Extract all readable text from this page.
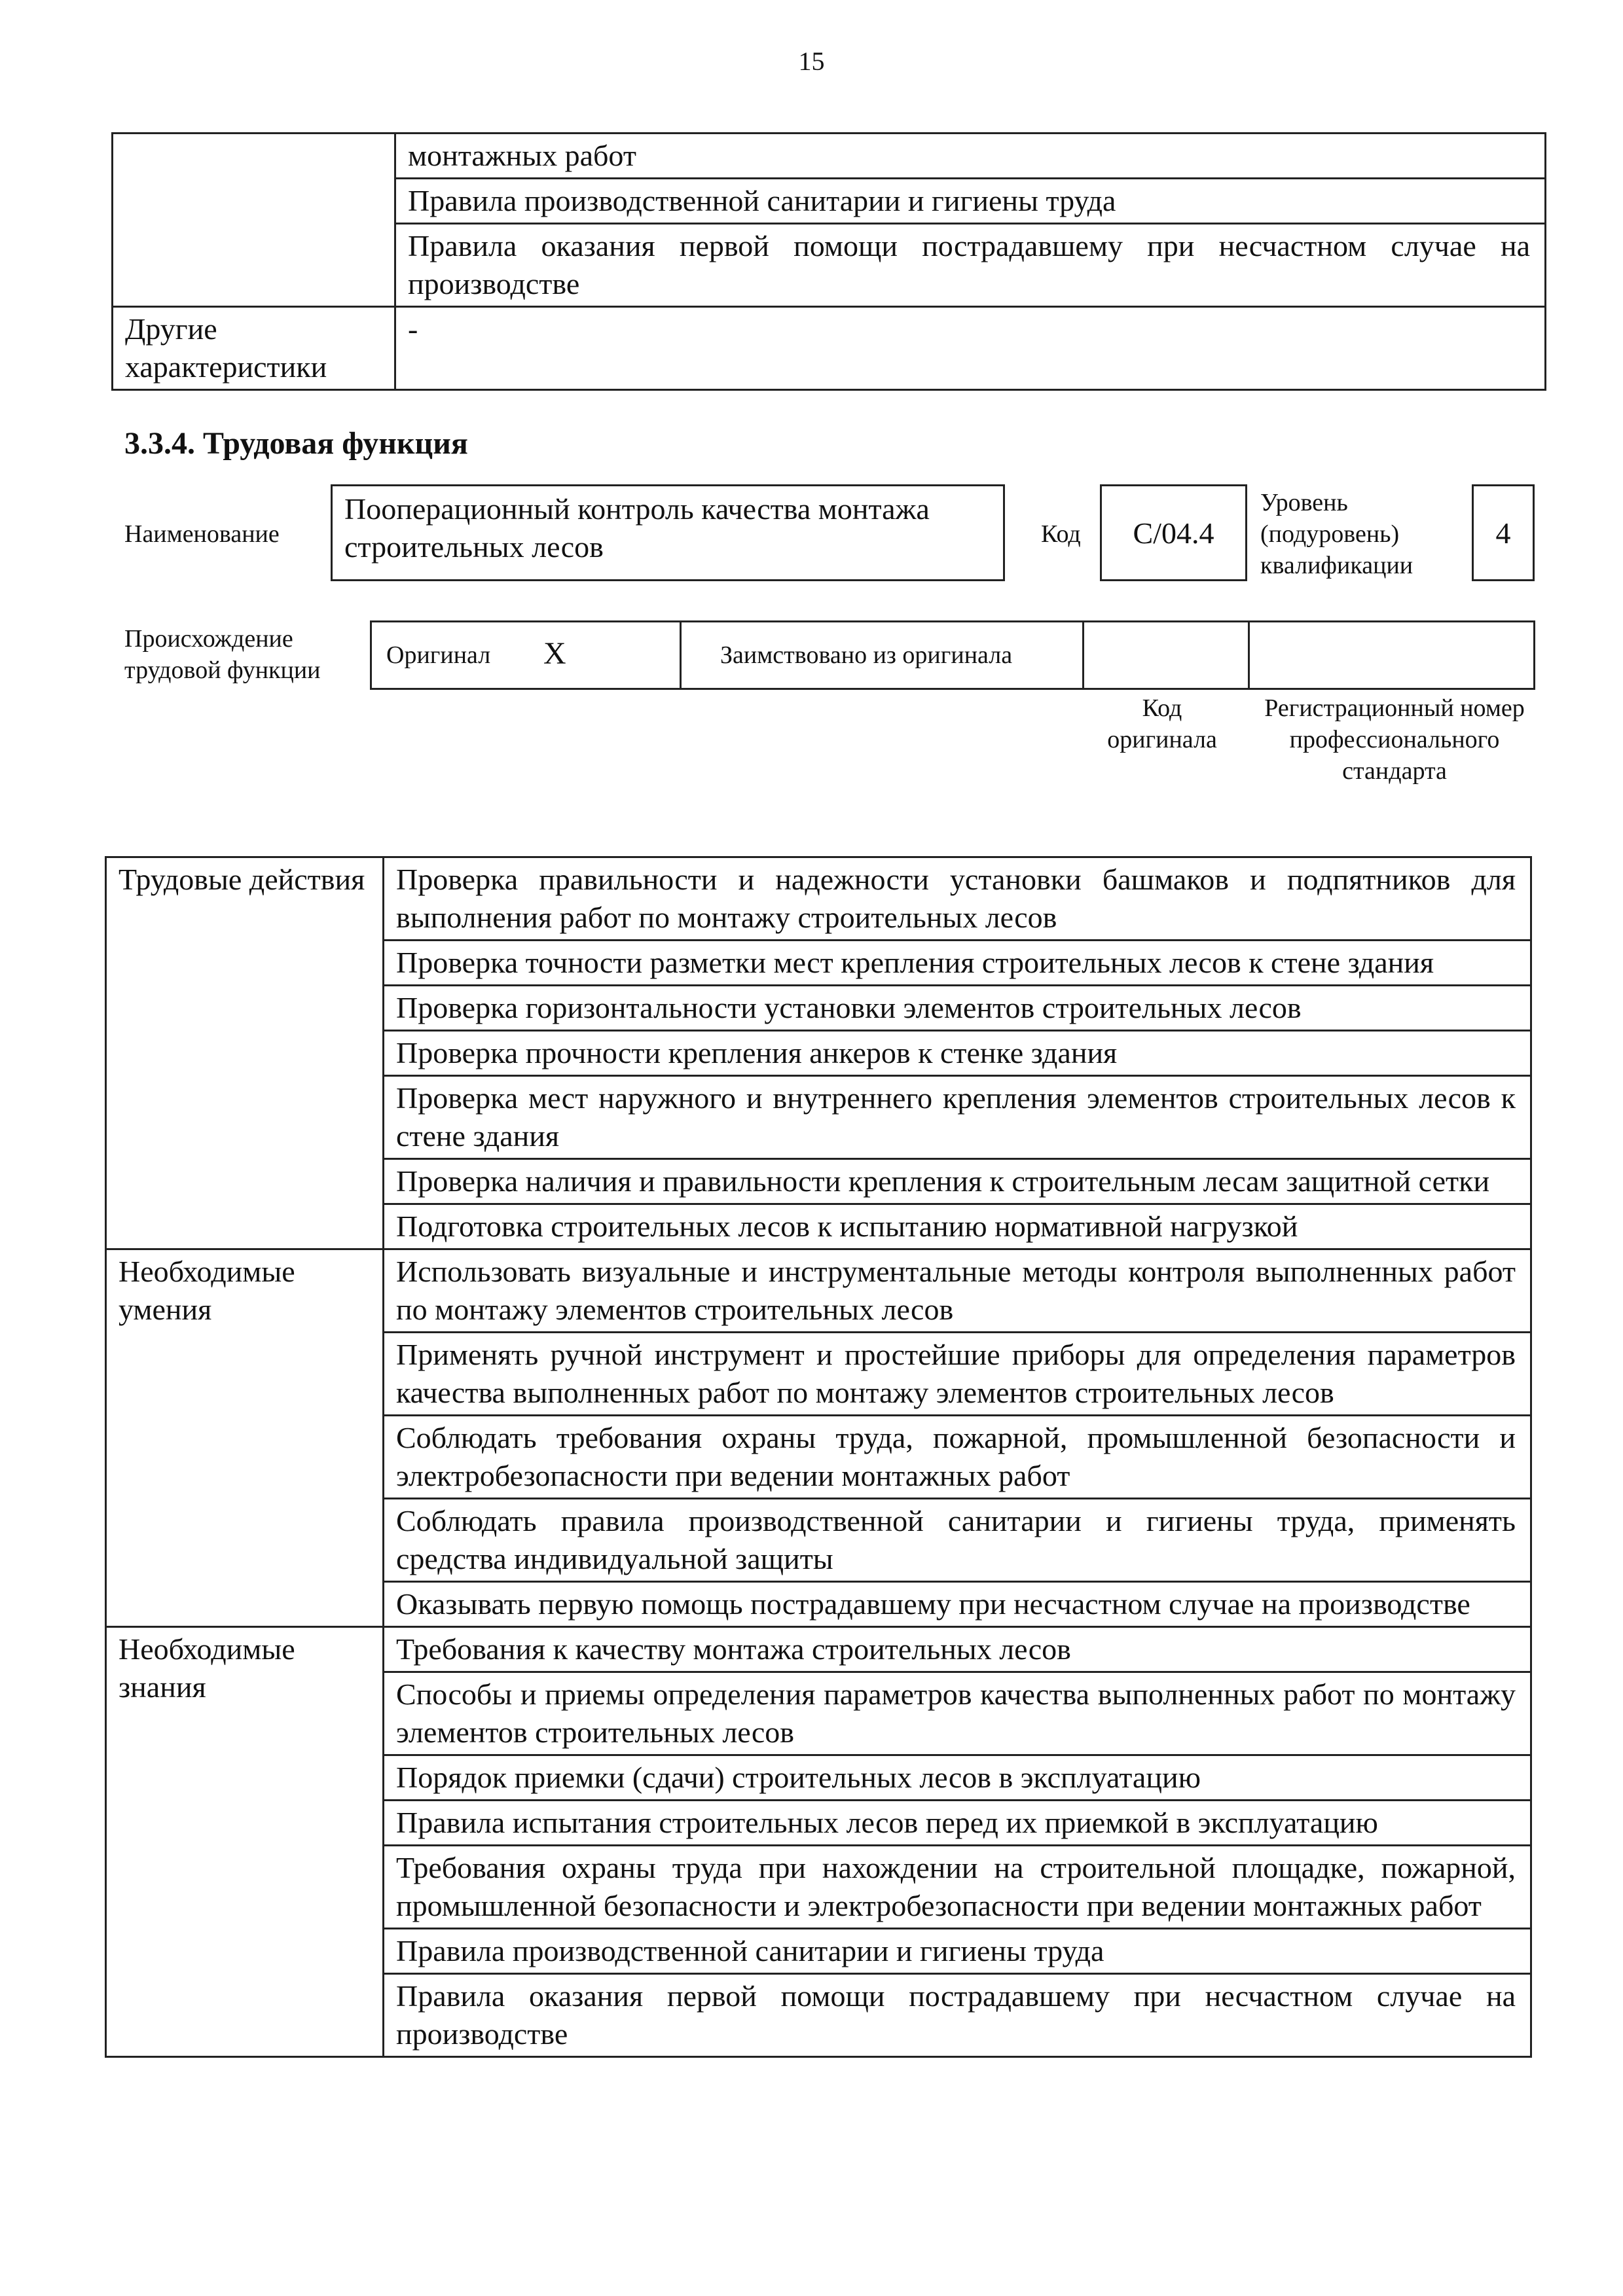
15
	монтажных работ
	Правила производственной санитарии и гигиены труда
	Правила оказания первой помощи пострадавшему при несчастном случае на производстве
Другие характеристики	-
3.3.4. Трудовая функция
Наименование
Пооперационный контроль качества монтажа строительных лесов	Код C/04.4
Уровень (подуровень) квалификации
4
Происхождение трудовой функции
Оригинал X	Заимствовано из оригинала
Код оригинала
Регистрационный номер профессионального стандарта
Трудовые действия	Проверка правильности и надежности установки башмаков и подпятников для выполнения работ по монтажу строительных лесов
	Проверка точности разметки мест крепления строительных лесов к стене здания
	Проверка горизонтальности установки элементов строительных лесов
	Проверка прочности крепления анкеров к стенке здания
	Проверка мест наружного и внутреннего крепления элементов строительных лесов к стене здания
	Проверка наличия и правильности крепления к строительным лесам защитной сетки
	Подготовка строительных лесов к испытанию нормативной нагрузкой
Необходимые умения	Использовать визуальные и инструментальные методы контроля выполненных работ по монтажу элементов строительных лесов
	Применять ручной инструмент и простейшие приборы для определения параметров качества выполненных работ по монтажу элементов строительных лесов
	Соблюдать требования охраны труда, пожарной, промышленной безопасности и электробезопасности при ведении монтажных работ
	Соблюдать правила производственной санитарии и гигиены труда, применять средства индивидуальной защиты
	Оказывать первую помощь пострадавшему при несчастном случае на производстве
Необходимые знания	Требования к качеству монтажа строительных лесов
	Способы и приемы определения параметров качества выполненных работ по монтажу элементов строительных лесов
	Порядок приемки (сдачи) строительных лесов в эксплуатацию
	Правила испытания строительных лесов перед их приемкой в эксплуатацию
	Требования охраны труда при нахождении на строительной площадке, пожарной, промышленной безопасности и электробезопасности при ведении монтажных работ
	Правила производственной санитарии и гигиены труда
	Правила оказания первой помощи пострадавшему при несчастном случае на производстве
